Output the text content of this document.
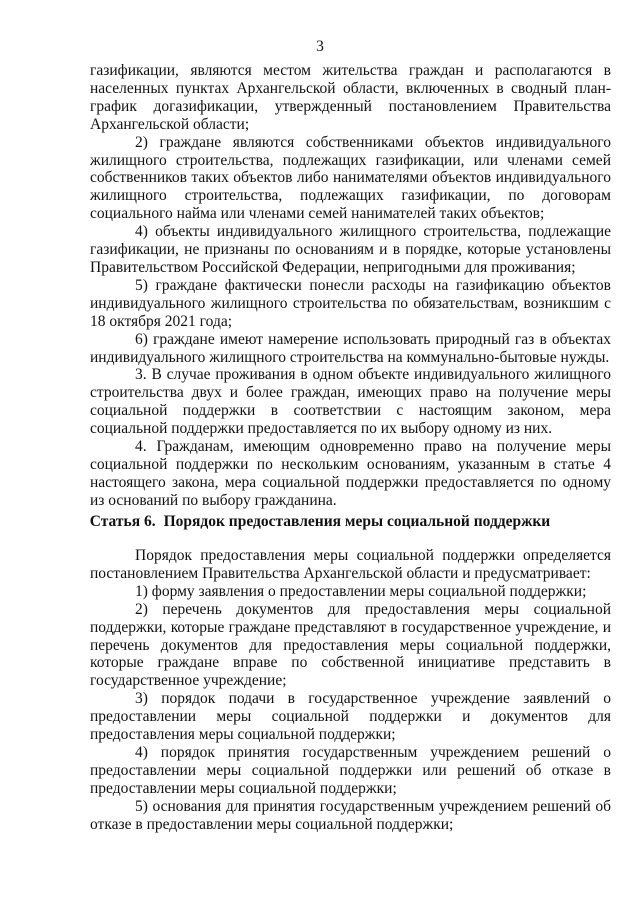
3

газификации, являются местом жительства граждан и располагаются в населенных пунктах Архангельской области, включенных в сводный план-график догазификации, утвержденный постановлением Правительства Архангельской области;

2) граждане являются собственниками объектов индивидуального жилищного строительства, подлежащих газификации, или членами семей собственников таких объектов либо нанимателями объектов индивидуального жилищного строительства, подлежащих газификации, по договорам социального найма или членами семей нанимателей таких объектов;

4) объекты индивидуального жилищного строительства, подлежащие газификации, не признаны по основаниям и в порядке, которые установлены Правительством Российской Федерации, непригодными для проживания;

5) граждане фактически понесли расходы на газификацию объектов индивидуального жилищного строительства по обязательствам, возникшим с 18 октября 2021 года;

6) граждане имеют намерение использовать природный газ в объектах индивидуального жилищного строительства на коммунально-бытовые нужды.

3. В случае проживания в одном объекте индивидуального жилищного строительства двух и более граждан, имеющих право на получение меры социальной поддержки в соответствии с настоящим законом, мера социальной поддержки предоставляется по их выбору одному из них.

4. Гражданам, имеющим одновременно право на получение меры социальной поддержки по нескольким основаниям, указанным в статье 4 настоящего закона, мера социальной поддержки предоставляется по одному из оснований по выбору гражданина.

Статья 6. Порядок предоставления меры социальной поддержки

Порядок предоставления меры социальной поддержки определяется постановлением Правительства Архангельской области и предусматривает:

1) форму заявления о предоставлении меры социальной поддержки;

2) перечень документов для предоставления меры социальной поддержки, которые граждане представляют в государственное учреждение, и перечень документов для предоставления меры социальной поддержки, которые граждане вправе по собственной инициативе представить в государственное учреждение;

3) порядок подачи в государственное учреждение заявлений о предоставлении меры социальной поддержки и документов для предоставления меры социальной поддержки;

4) порядок принятия государственным учреждением решений о предоставлении меры социальной поддержки или решений об отказе в предоставлении меры социальной поддержки;

5) основания для принятия государственным учреждением решений об отказе в предоставлении меры социальной поддержки;
